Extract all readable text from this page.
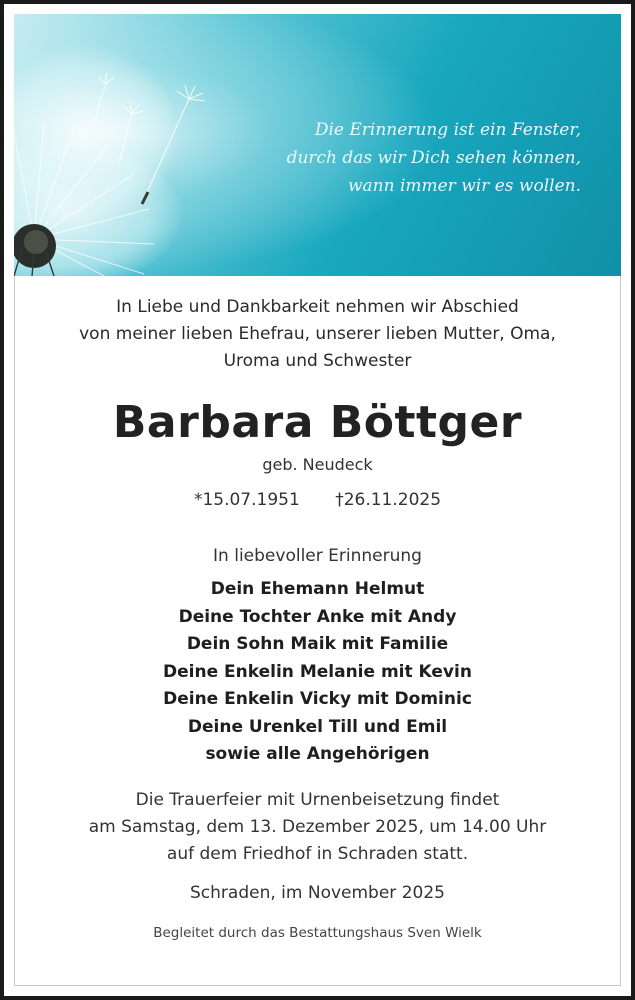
Die Erinnerung ist ein Fenster,
durch das wir Dich sehen können,
wann immer wir es wollen.
In Liebe und Dankbarkeit nehmen wir Abschied
von meiner lieben Ehefrau, unserer lieben Mutter, Oma,
Uroma und Schwester
Barbara Böttger
geb. Neudeck
*15.07.1951 †26.11.2025
In liebevoller Erinnerung
Dein Ehemann Helmut
Deine Tochter Anke mit Andy
Dein Sohn Maik mit Familie
Deine Enkelin Melanie mit Kevin
Deine Enkelin Vicky mit Dominic
Deine Urenkel Till und Emil
sowie alle Angehörigen
Die Trauerfeier mit Urnenbeisetzung findet
am Samstag, dem 13. Dezember 2025, um 14.00 Uhr
auf dem Friedhof in Schraden statt.
Schraden, im November 2025
Begleitet durch das Bestattungshaus Sven Wielk
